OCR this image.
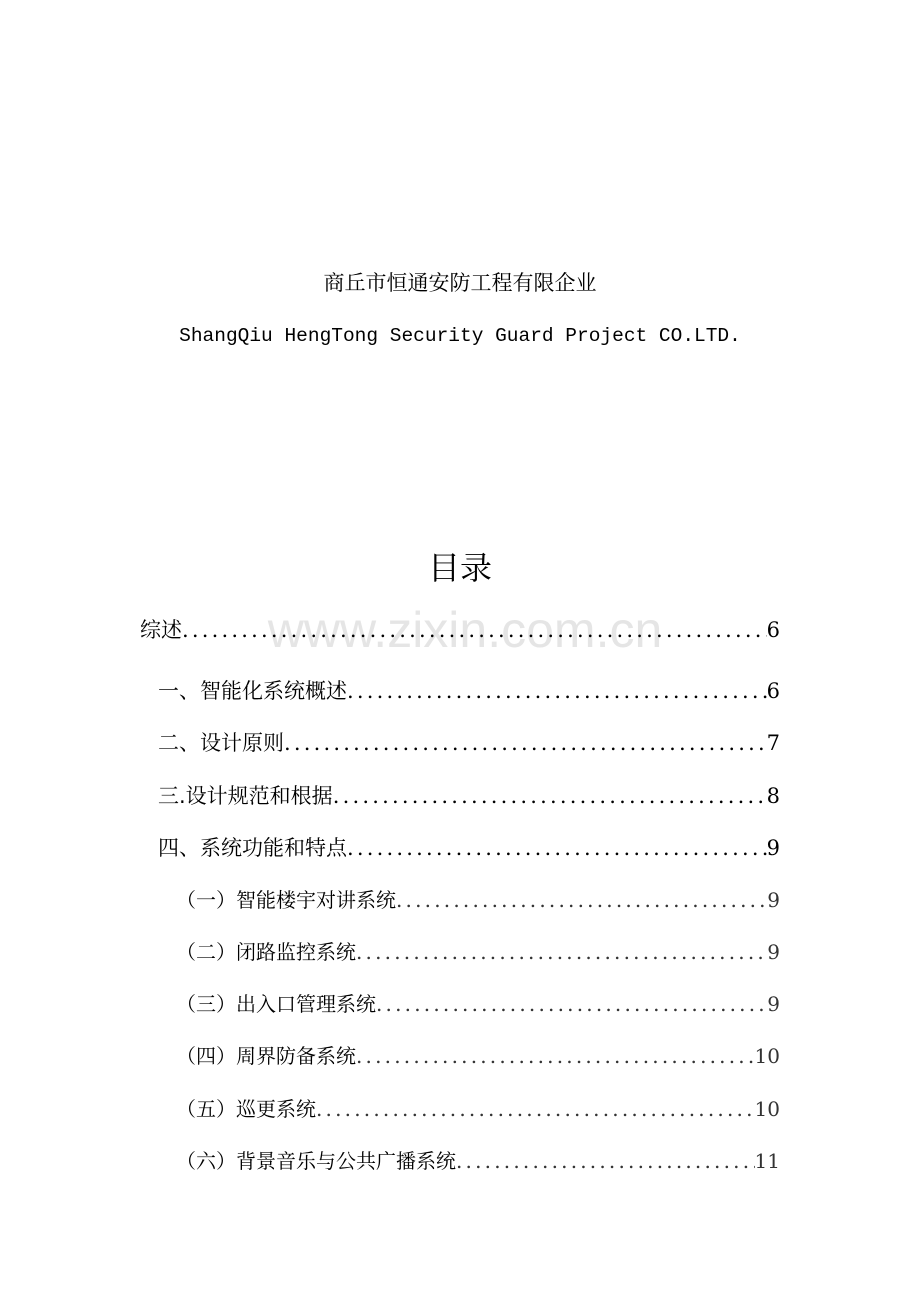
商丘市恒通安防工程有限企业
ShangQiu HengTong Security Guard Project CO.LTD.
目录
www.zixin.com.cn
综述 .....	6
一、智能化系统概述 .....	6
二、设计原则 .....	7
三.设计规范和根据 .....	8
四、系统功能和特点 .....	9
（一）智能楼宇对讲系统 .....	9
（二）闭路监控系统 .....	9
（三）出入口管理系统 .....	9
（四）周界防备系统 .....	10
（五）巡更系统 .....	10
（六）背景音乐与公共广播系统 .....	11
